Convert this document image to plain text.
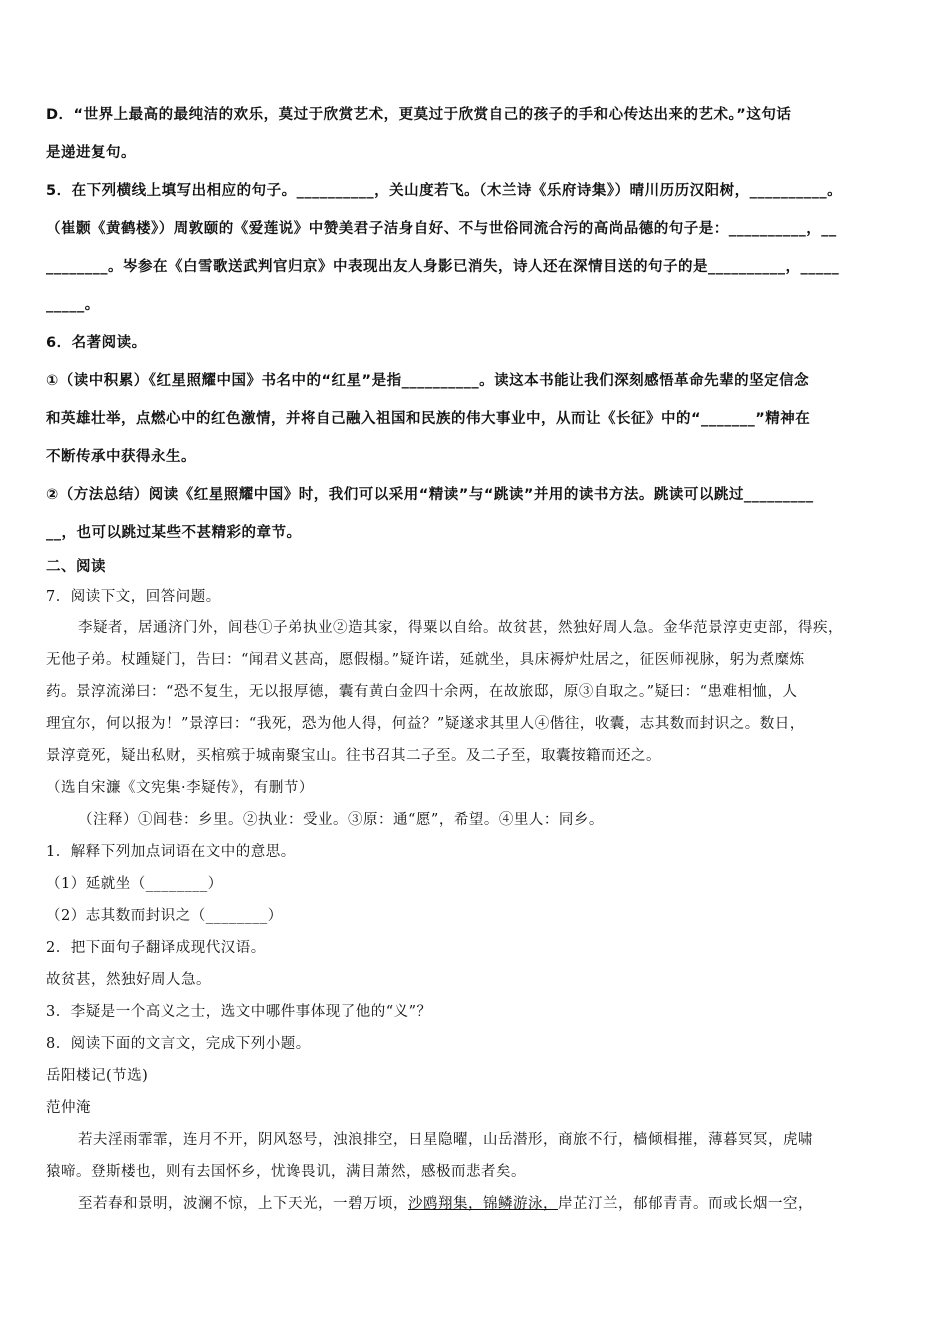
D．“世界上最高的最纯洁的欢乐，莫过于欣赏艺术，更莫过于欣赏自己的孩子的手和心传达出来的艺术。”这句话

是递进复句。

5．在下列横线上填写出相应的句子。__________，关山度若飞。（木兰诗《乐府诗集》）晴川历历汉阳树，__________。

（崔颢《黄鹤楼》）周敦颐的《爱莲说》中赞美君子洁身自好、不与世俗同流合污的高尚品德的句子是：__________，__

________。岑参在《白雪歌送武判官归京》中表现出友人身影已消失，诗人还在深情目送的句子的是__________，_____

_____。

6．名著阅读。

①（读中积累）《红星照耀中国》书名中的“红星”是指__________。读这本书能让我们深刻感悟革命先辈的坚定信念

和英雄壮举，点燃心中的红色激情，并将自己融入祖国和民族的伟大事业中，从而让《长征》中的“_______”精神在

不断传承中获得永生。

②（方法总结）阅读《红星照耀中国》时，我们可以采用“精读”与“跳读”并用的读书方法。跳读可以跳过_________

__，也可以跳过某些不甚精彩的章节。

二、阅读

7．阅读下文，回答问题。

李疑者，居通济门外，闾巷①子弟执业②造其家，得粟以自给。故贫甚，然独好周人急。金华范景淳吏吏部，得疾，

无他子弟。杖踵疑门，告曰：“闻君义甚高，愿假榻。”疑许诺，延就坐，具床褥炉灶居之，征医师视脉，躬为煮糜炼

药。景淳流涕曰：“恐不复生，无以报厚德，囊有黄白金四十余两，在故旅邸，原③自取之。”疑曰：“患难相恤，人

理宜尔，何以报为！”景淳曰：“我死，恐为他人得，何益？”疑遂求其里人④偕往，收囊，志其数而封识之。数日，

景淳竟死，疑出私财，买棺殡于城南聚宝山。往书召其二子至。及二子至，取囊按籍而还之。

（选自宋濂《文宪集·李疑传》，有删节）

（注释）①闾巷：乡里。②执业：受业。③原：通“愿”，希望。④里人：同乡。

1．解释下列加点词语在文中的意思。

（1）延就坐（________）

（2）志其数而封识之（________）

2．把下面句子翻译成现代汉语。

故贫甚，然独好周人急。

3．李疑是一个高义之士，选文中哪件事体现了他的“义”？

8．阅读下面的文言文，完成下列小题。

岳阳楼记(节选)

范仲淹

若夫淫雨霏霏，连月不开，阴风怒号，浊浪排空，日星隐曜，山岳潜形，商旅不行，樯倾楫摧，薄暮冥冥，虎啸

猿啼。登斯楼也，则有去国怀乡，忧谗畏讥，满目萧然，感极而悲者矣。

至若春和景明，波澜不惊，上下天光，一碧万顷，沙鸥翔集，锦鳞游泳，岸芷汀兰，郁郁青青。而或长烟一空，
